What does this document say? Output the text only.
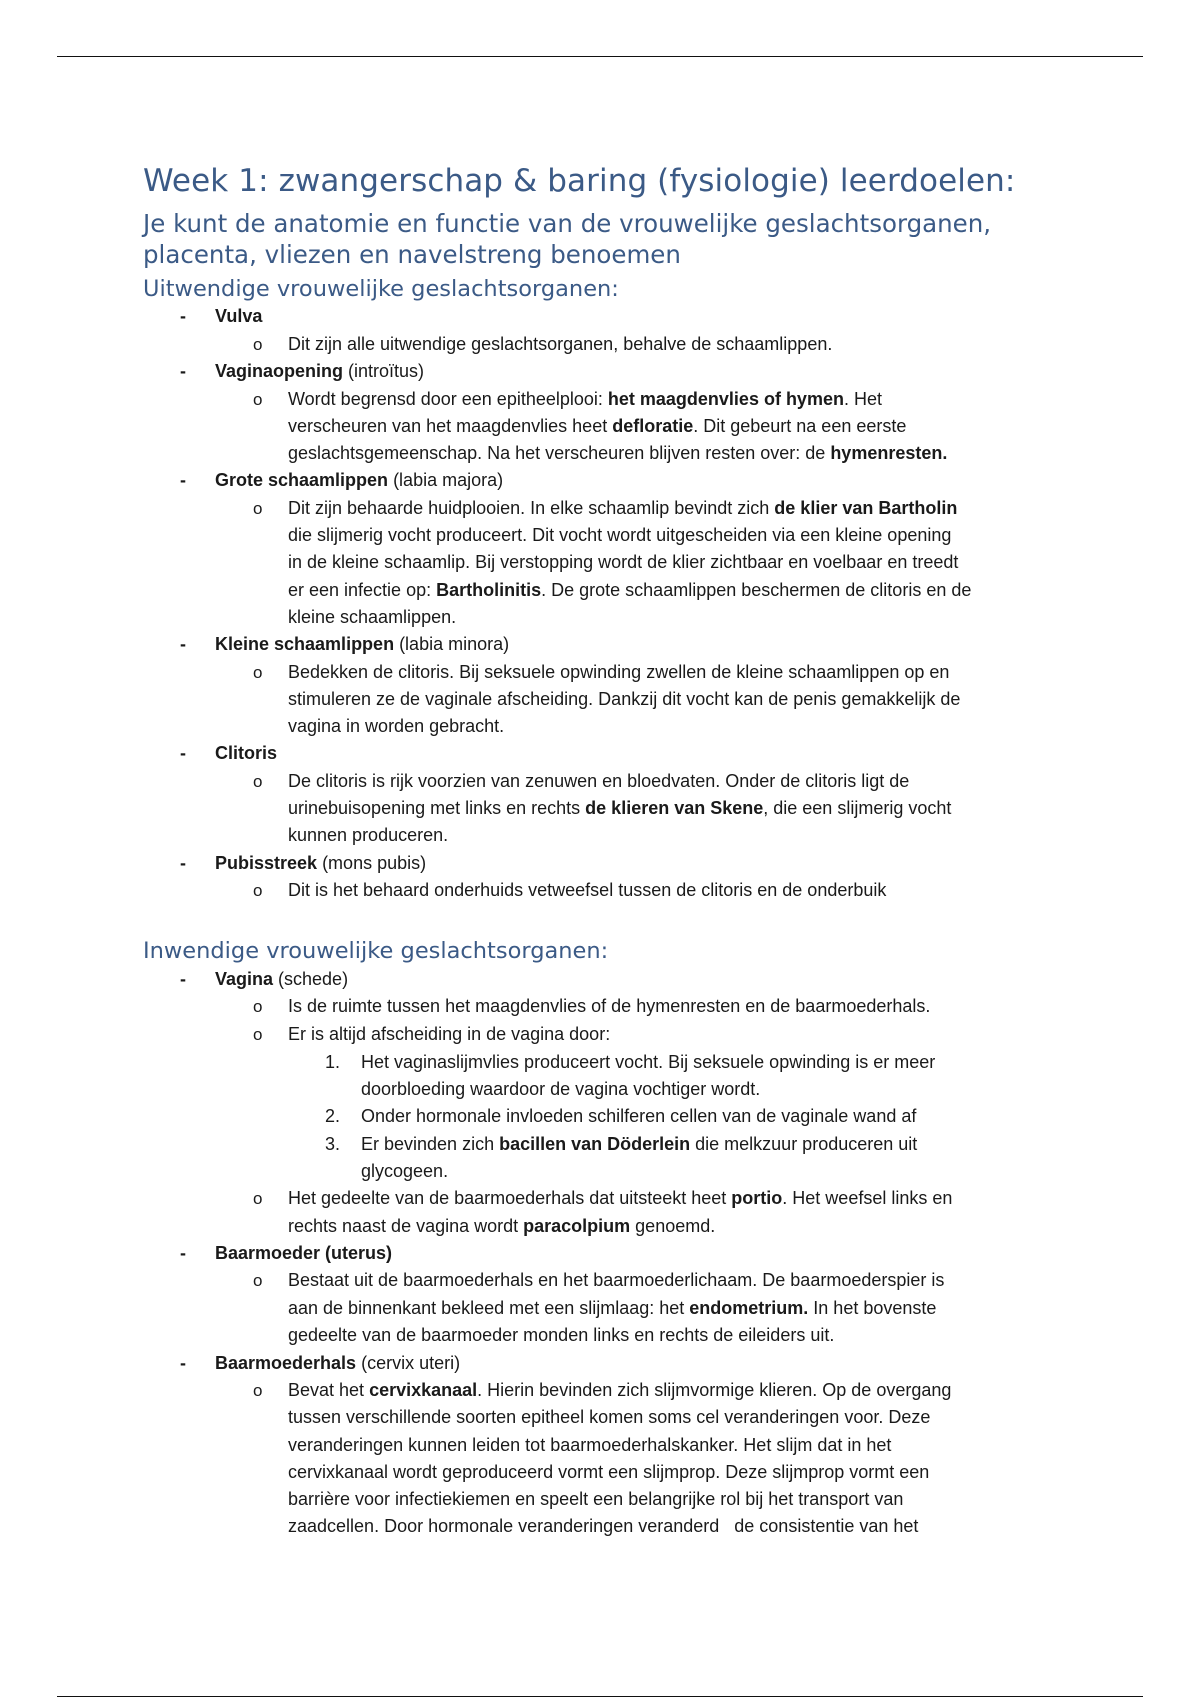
Week 1: zwangerschap & baring (fysiologie) leerdoelen:
Je kunt de anatomie en functie van de vrouwelijke geslachtsorganen, placenta, vliezen en navelstreng benoemen
Uitwendige vrouwelijke geslachtsorganen:
- Vulva
o Dit zijn alle uitwendige geslachtsorganen, behalve de schaamlippen.
- Vaginaopening (introïtus)
o Wordt begrensd door een epitheelplooi: het maagdenvlies of hymen. Het
verscheuren van het maagdenvlies heet defloratie. Dit gebeurt na een eerste
geslachtsgemeenschap. Na het verscheuren blijven resten over: de hymenresten.
- Grote schaamlippen (labia majora)
o Dit zijn behaarde huidplooien. In elke schaamlip bevindt zich de klier van Bartholin
die slijmerig vocht produceert. Dit vocht wordt uitgescheiden via een kleine opening
in de kleine schaamlip. Bij verstopping wordt de klier zichtbaar en voelbaar en treedt
er een infectie op: Bartholinitis. De grote schaamlippen beschermen de clitoris en de
kleine schaamlippen.
- Kleine schaamlippen (labia minora)
o Bedekken de clitoris. Bij seksuele opwinding zwellen de kleine schaamlippen op en
stimuleren ze de vaginale afscheiding. Dankzij dit vocht kan de penis gemakkelijk de
vagina in worden gebracht.
- Clitoris
o De clitoris is rijk voorzien van zenuwen en bloedvaten. Onder de clitoris ligt de
urinebuisopening met links en rechts de klieren van Skene, die een slijmerig vocht
kunnen produceren.
- Pubisstreek (mons pubis)
o Dit is het behaard onderhuids vetweefsel tussen de clitoris en de onderbuik
Inwendige vrouwelijke geslachtsorganen:
- Vagina (schede)
o Is de ruimte tussen het maagdenvlies of de hymenresten en de baarmoederhals.
o Er is altijd afscheiding in de vagina door:
1. Het vaginaslijmvlies produceert vocht. Bij seksuele opwinding is er meer
doorbloeding waardoor de vagina vochtiger wordt.
2. Onder hormonale invloeden schilferen cellen van de vaginale wand af
3. Er bevinden zich bacillen van Döderlein die melkzuur produceren uit
glycogeen.
o Het gedeelte van de baarmoederhals dat uitsteekt heet portio. Het weefsel links en
rechts naast de vagina wordt paracolpium genoemd.
- Baarmoeder (uterus)
o Bestaat uit de baarmoederhals en het baarmoederlichaam. De baarmoederspier is
aan de binnenkant bekleed met een slijmlaag: het endometrium. In het bovenste
gedeelte van de baarmoeder monden links en rechts de eileiders uit.
- Baarmoederhals (cervix uteri)
o Bevat het cervixkanaal. Hierin bevinden zich slijmvormige klieren. Op de overgang
tussen verschillende soorten epitheel komen soms cel veranderingen voor. Deze
veranderingen kunnen leiden tot baarmoederhalskanker. Het slijm dat in het
cervixkanaal wordt geproduceerd vormt een slijmprop. Deze slijmprop vormt een
barrière voor infectiekiemen en speelt een belangrijke rol bij het transport van
zaadcellen. Door hormonale veranderingen veranderd   de consistentie van het
